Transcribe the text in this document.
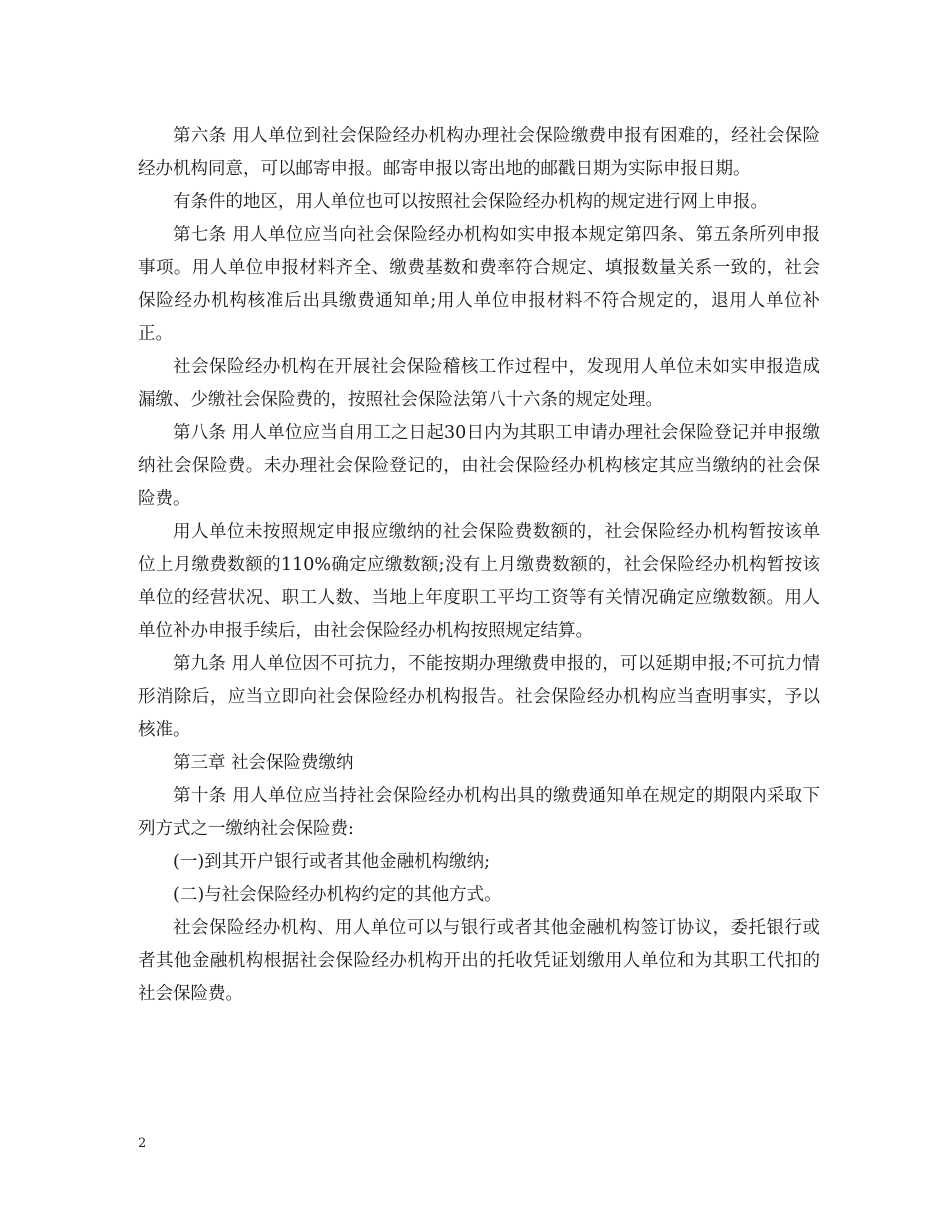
第六条 用人单位到社会保险经办机构办理社会保险缴费申报有困难的，经社会保险经办机构同意，可以邮寄申报。邮寄申报以寄出地的邮戳日期为实际申报日期。

有条件的地区，用人单位也可以按照社会保险经办机构的规定进行网上申报。

第七条 用人单位应当向社会保险经办机构如实申报本规定第四条、第五条所列申报事项。用人单位申报材料齐全、缴费基数和费率符合规定、填报数量关系一致的，社会保险经办机构核准后出具缴费通知单;用人单位申报材料不符合规定的，退用人单位补正。

社会保险经办机构在开展社会保险稽核工作过程中，发现用人单位未如实申报造成漏缴、少缴社会保险费的，按照社会保险法第八十六条的规定处理。

第八条 用人单位应当自用工之日起30日内为其职工申请办理社会保险登记并申报缴纳社会保险费。未办理社会保险登记的，由社会保险经办机构核定其应当缴纳的社会保险费。

用人单位未按照规定申报应缴纳的社会保险费数额的，社会保险经办机构暂按该单位上月缴费数额的110%确定应缴数额;没有上月缴费数额的，社会保险经办机构暂按该单位的经营状况、职工人数、当地上年度职工平均工资等有关情况确定应缴数额。用人单位补办申报手续后，由社会保险经办机构按照规定结算。

第九条 用人单位因不可抗力，不能按期办理缴费申报的，可以延期申报;不可抗力情形消除后，应当立即向社会保险经办机构报告。社会保险经办机构应当查明事实，予以核准。

第三章 社会保险费缴纳

第十条 用人单位应当持社会保险经办机构出具的缴费通知单在规定的期限内采取下列方式之一缴纳社会保险费:

(一)到其开户银行或者其他金融机构缴纳;

(二)与社会保险经办机构约定的其他方式。

社会保险经办机构、用人单位可以与银行或者其他金融机构签订协议，委托银行或者其他金融机构根据社会保险经办机构开出的托收凭证划缴用人单位和为其职工代扣的社会保险费。

2
